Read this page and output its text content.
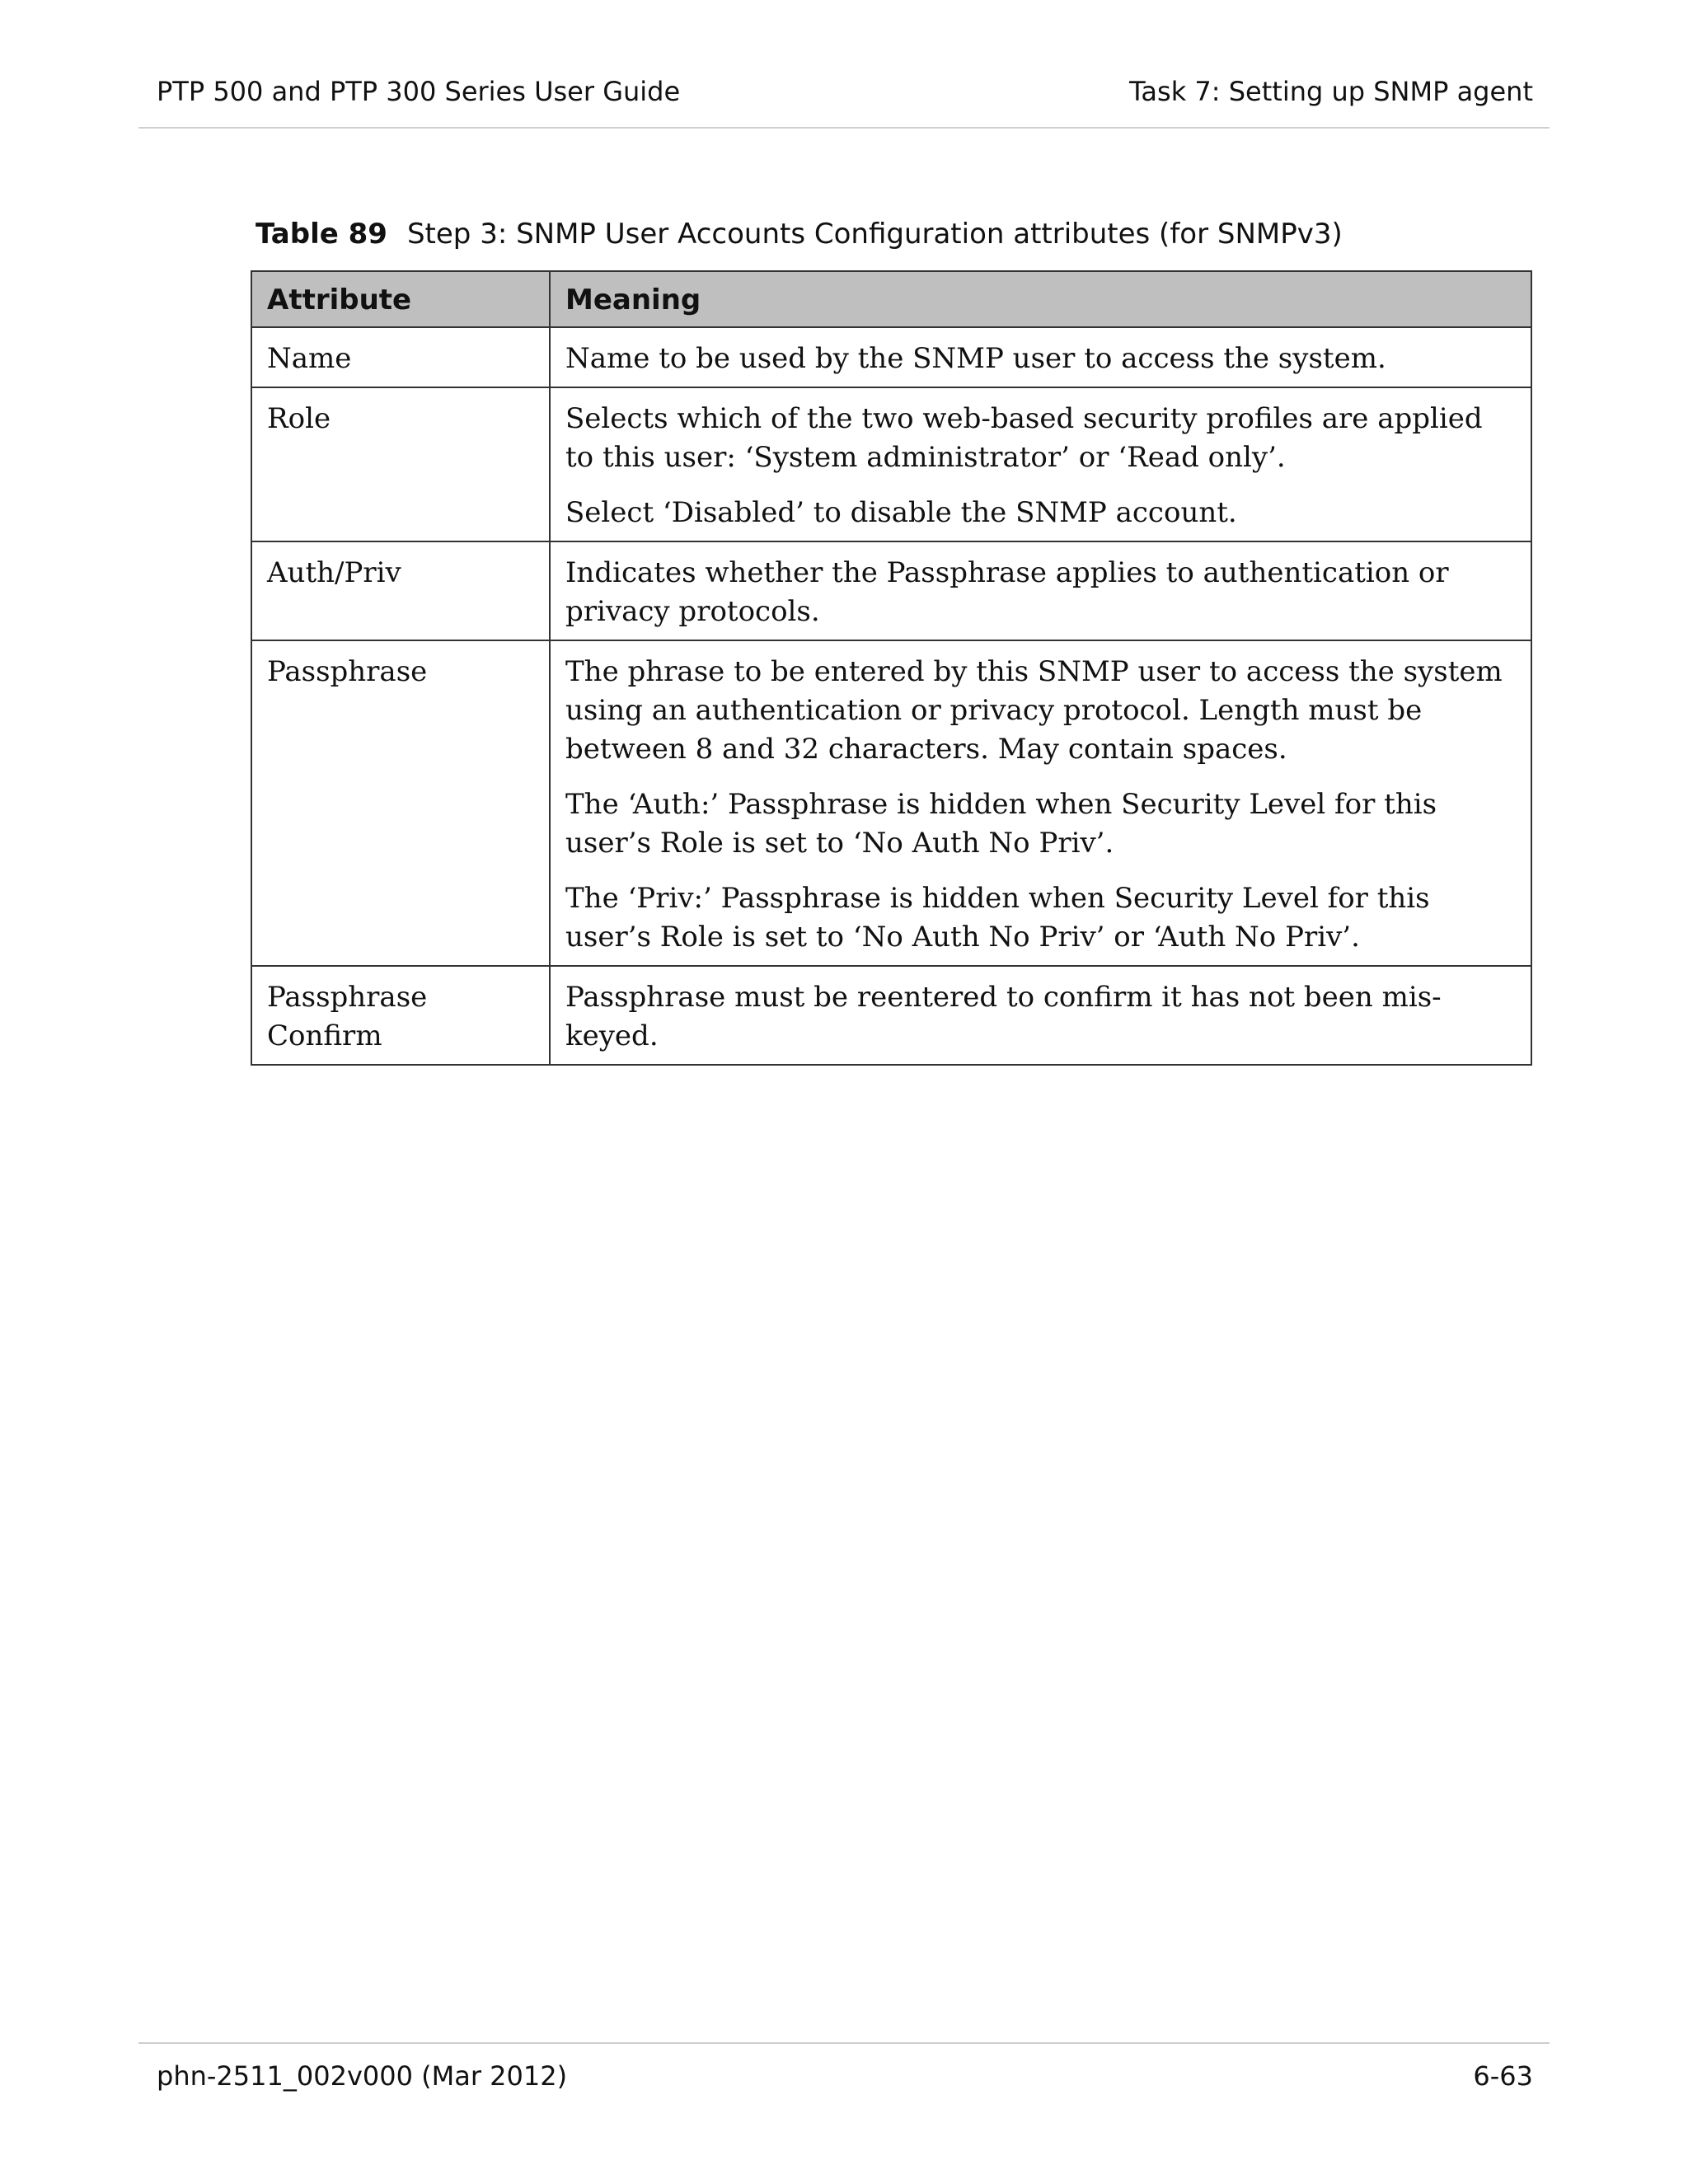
PTP 500 and PTP 300 Series User Guide	Task 7: Setting up SNMP agent
Table 89 Step 3: SNMP User Accounts Configuration attributes (for SNMPv3)
Attribute	Meaning
Name	Name to be used by the SNMP user to access the system.

Role	Selects which of the two web-based security profiles are applied to this user: ‘System administrator’ or ‘Read only’.

Select ‘Disabled’ to disable the SNMP account.

Auth/Priv	Indicates whether the Passphrase applies to authentication or privacy protocols.

Passphrase	The phrase to be entered by this SNMP user to access the system using an authentication or privacy protocol. Length must be between 8 and 32 characters. May contain spaces.

The ‘Auth:’ Passphrase is hidden when Security Level for this user’s Role is set to ‘No Auth No Priv’.

The ‘Priv:’ Passphrase is hidden when Security Level for this user’s Role is set to ‘No Auth No Priv’ or ‘Auth No Priv’.

Passphrase
Confirm	Passphrase must be reentered to confirm it has not been mis-keyed.

phn-2511_002v000 (Mar 2012)	6-63
